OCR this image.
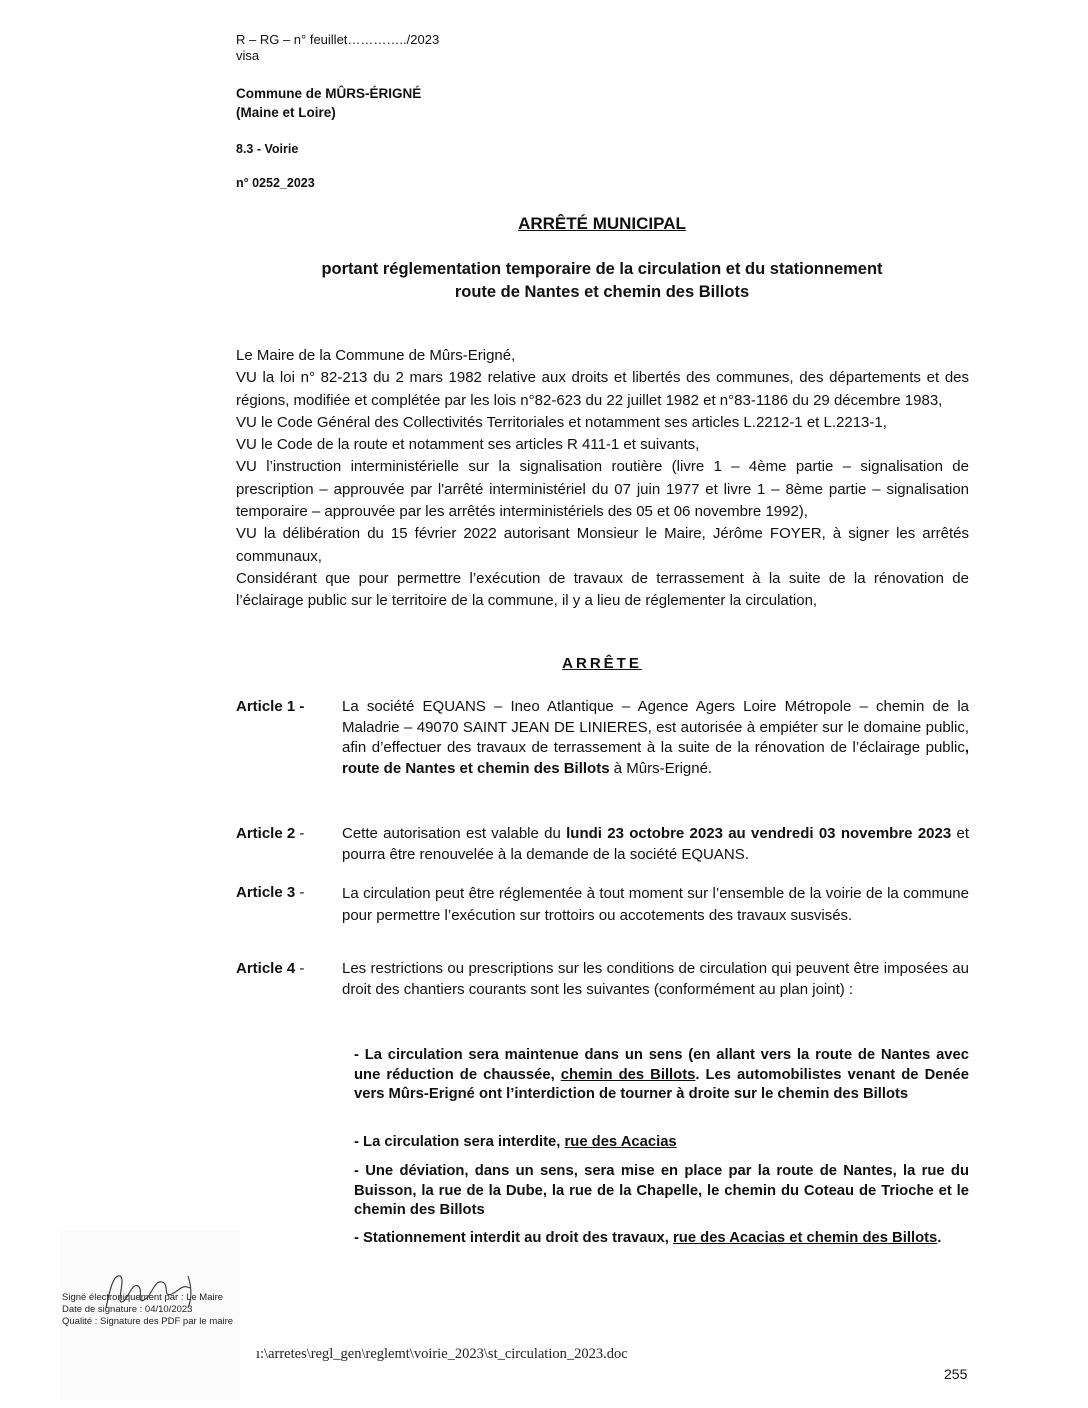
R – RG – n° feuillet…………../2023
visa
Commune de MÛRS-ÉRIGNÉ
(Maine et Loire)
8.3 - Voirie
n° 0252_2023
ARRÊTÉ MUNICIPAL
portant réglementation temporaire de la circulation et du stationnement
route de Nantes et chemin des Billots

Le Maire de la Commune de Mûrs-Erigné,

VU la loi n° 82-213 du 2 mars 1982 relative aux droits et libertés des communes, des départements et des régions, modifiée et complétée par les lois n°82-623 du 22 juillet 1982 et n°83-1186 du 29 décembre 1983,

VU le Code Général des Collectivités Territoriales et notamment ses articles L.2212-1 et L.2213-1,

VU le Code de la route et notamment ses articles R 411-1 et suivants,

VU l’instruction interministérielle sur la signalisation routière (livre 1 – 4ème partie – signalisation de prescription – approuvée par l'arrêté interministériel du 07 juin 1977 et livre 1 – 8ème partie – signalisation temporaire – approuvée par les arrêtés interministériels des 05 et 06 novembre 1992),

VU la délibération du 15 février 2022 autorisant Monsieur le Maire, Jérôme FOYER, à signer les arrêtés communaux,

Considérant que pour permettre l’exécution de travaux de terrassement à la suite de la rénovation de l’éclairage public sur le territoire de la commune, il y a lieu de réglementer la circulation,

ARRÊTE
Article 1 -	La société EQUANS – Ineo Atlantique – Agence Agers Loire Métropole – chemin de la Maladrie – 49070 SAINT JEAN DE LINIERES, est autorisée à empiéter sur le domaine public, afin d’effectuer des travaux de terrassement à la suite de la rénovation de l’éclairage public, route de Nantes et chemin des Billots à Mûrs-Erigné.
Article 2 -	Cette autorisation est valable du lundi 23 octobre 2023 au vendredi 03 novembre 2023 et pourra être renouvelée à la demande de la société EQUANS.
Article 3 -	La circulation peut être réglementée à tout moment sur l’ensemble de la voirie de la commune pour permettre l’exécution sur trottoirs ou accotements des travaux susvisés.
Article 4 -	Les restrictions ou prescriptions sur les conditions de circulation qui peuvent être imposées au droit des chantiers courants sont les suivantes (conformément au plan joint) :
- La circulation sera maintenue dans un sens (en allant vers la route de Nantes avec une réduction de chaussée, chemin des Billots. Les automobilistes venant de Denée vers Mûrs-Erigné ont l’interdiction de tourner à droite sur le chemin des Billots
- La circulation sera interdite, rue des Acacias
- Une déviation, dans un sens, sera mise en place par la route de Nantes, la rue du Buisson, la rue de la Dube, la rue de la Chapelle, le chemin du Coteau de Trioche et le chemin des Billots
- Stationnement interdit au droit des travaux, rue des Acacias et chemin des Billots.
Signé électroniquement par : Le Maire
Date de signature : 04/10/2023
Qualité : Signature des PDF par le maire
ı:\arretes\regl_gen\reglemt\voirie_2023\st_circulation_2023.doc
255
